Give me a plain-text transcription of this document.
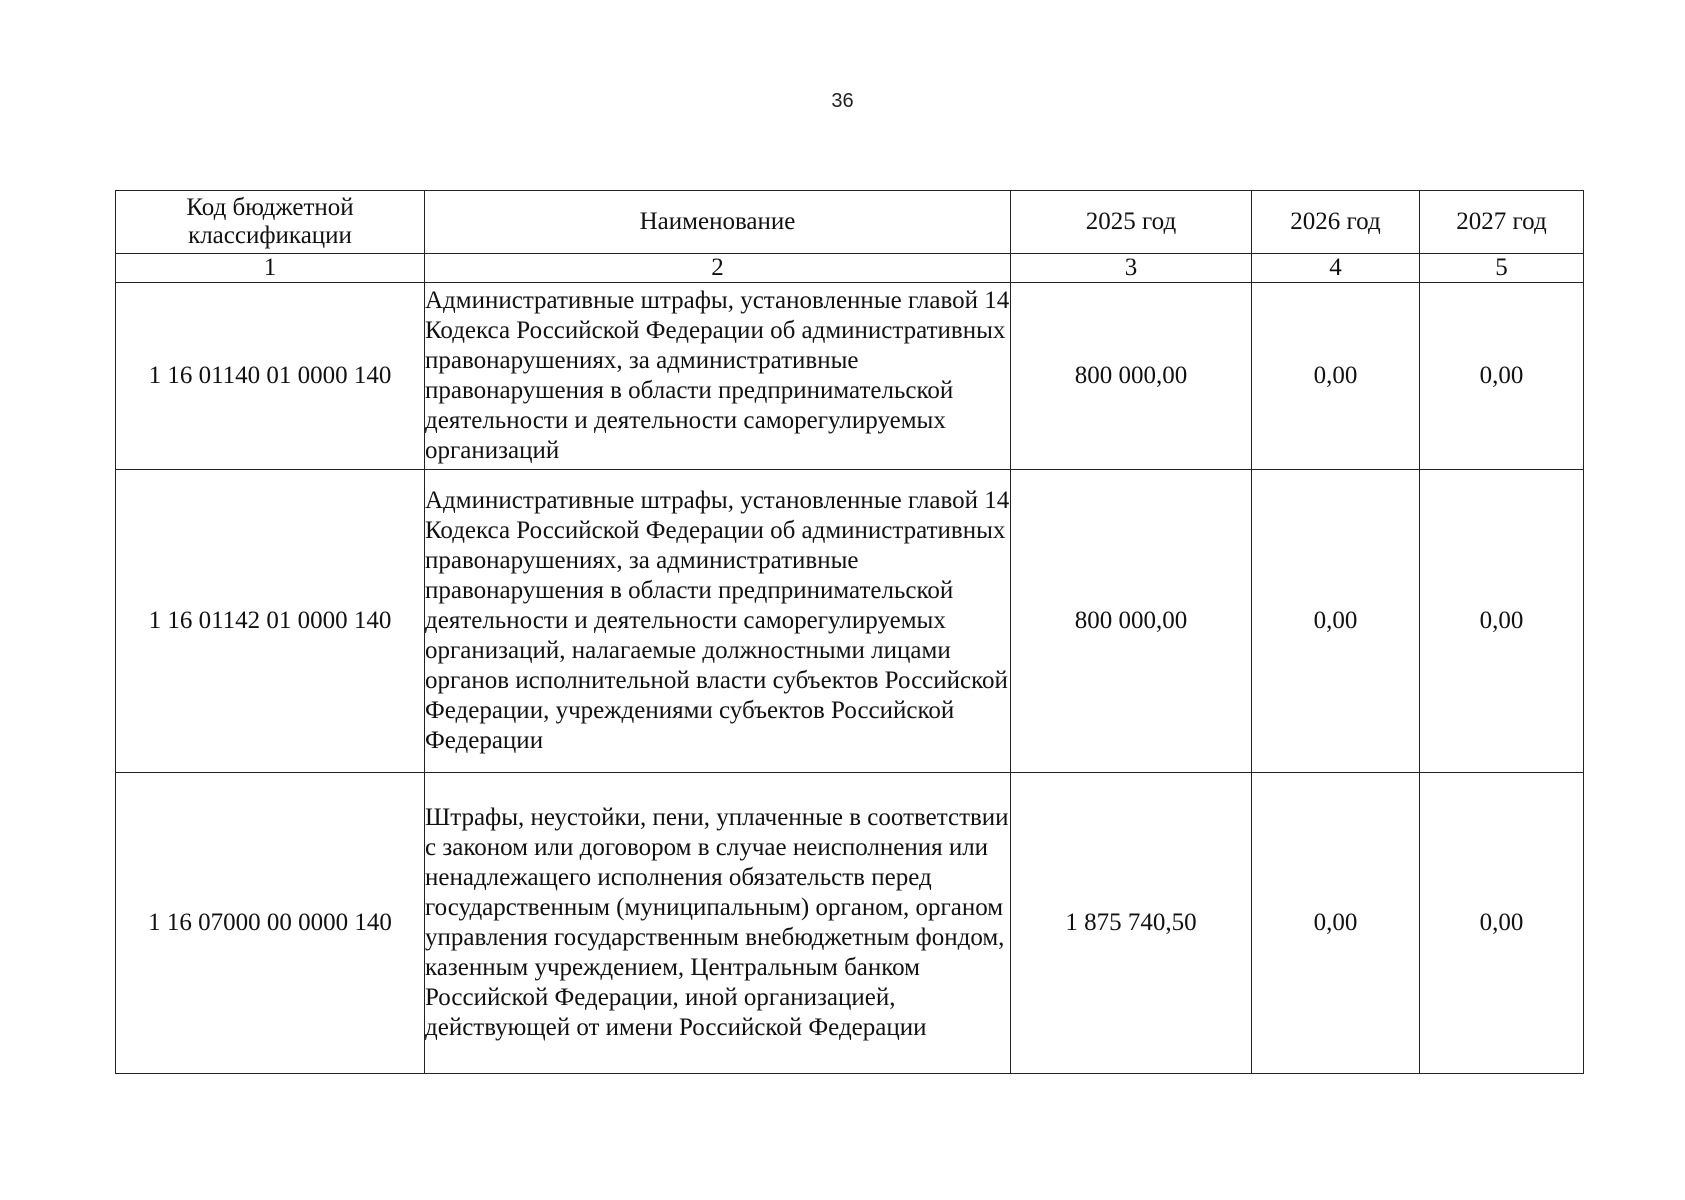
36
Код бюджетной классификации	Наименование	2025 год	2026 год	2027 год
1	2	3	4	5
1 16 01140 01 0000 140	Административные штрафы, установленные главой 14 Кодекса Российской Федерации об административных правонарушениях, за административные правонарушения в области предпринимательской деятельности и деятельности саморегулируемых организаций	800 000,00	0,00	0,00
1 16 01142 01 0000 140	Административные штрафы, установленные главой 14 Кодекса Российской Федерации об административных правонарушениях, за административные правонарушения в области предпринимательской деятельности и деятельности саморегулируемых организаций, налагаемые должностными лицами органов исполнительной власти субъектов Российской Федерации, учреждениями субъектов Российской Федерации	800 000,00	0,00	0,00
1 16 07000 00 0000 140	Штрафы, неустойки, пени, уплаченные в соответствии с законом или договором в случае неисполнения или ненадлежащего исполнения обязательств перед государственным (муниципальным) органом, органом управления государственным внебюджетным фондом, казенным учреждением, Центральным банком Российской Федерации, иной организацией, действующей от имени Российской Федерации	1 875 740,50	0,00	0,00
